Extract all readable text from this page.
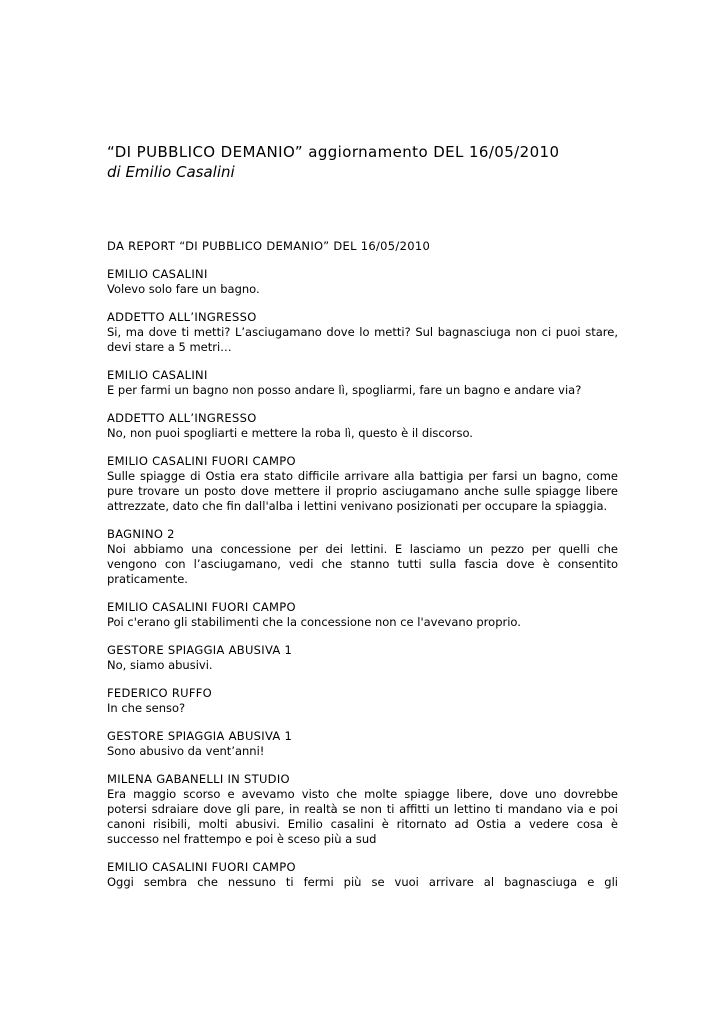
“DI PUBBLICO DEMANIO” aggiornamento DEL 16/05/2010

di Emilio Casalini

DA REPORT “DI PUBBLICO DEMANIO” DEL 16/05/2010
EMILIO CASALINI
Volevo solo fare un bagno.
ADDETTO ALL’INGRESSO
Si, ma dove ti metti? L’asciugamano dove lo metti? Sul bagnasciuga non ci puoi stare, devi stare a 5 metri…
EMILIO CASALINI
E per farmi un bagno non posso andare lì, spogliarmi, fare un bagno e andare via?
ADDETTO ALL’INGRESSO
No, non puoi spogliarti e mettere la roba lì, questo è il discorso.
EMILIO CASALINI FUORI CAMPO
Sulle spiagge di Ostia era stato difficile arrivare alla battigia per farsi un bagno, come pure trovare un posto dove mettere il proprio asciugamano anche sulle spiagge libere attrezzate, dato che fin dall'alba i lettini venivano posizionati per occupare la spiaggia.
BAGNINO 2
Noi abbiamo una concessione per dei lettini. E lasciamo un pezzo per quelli che vengono con l’asciugamano, vedi che stanno tutti sulla fascia dove è consentito praticamente.
EMILIO CASALINI FUORI CAMPO
Poi c'erano gli stabilimenti che la concessione non ce l'avevano proprio.
GESTORE SPIAGGIA ABUSIVA 1
No, siamo abusivi.
FEDERICO RUFFO
In che senso?
GESTORE SPIAGGIA ABUSIVA 1
Sono abusivo da vent’anni!
MILENA GABANELLI IN STUDIO
Era maggio scorso e avevamo visto che molte spiagge libere, dove uno dovrebbe potersi sdraiare dove gli pare, in realtà se non ti affitti un lettino ti mandano via e poi canoni risibili, molti abusivi. Emilio casalini è ritornato ad Ostia a vedere cosa è successo nel frattempo e poi è sceso più a sud
EMILIO CASALINI FUORI CAMPO
Oggi sembra che nessuno ti fermi più se vuoi arrivare al bagnasciuga e gli
